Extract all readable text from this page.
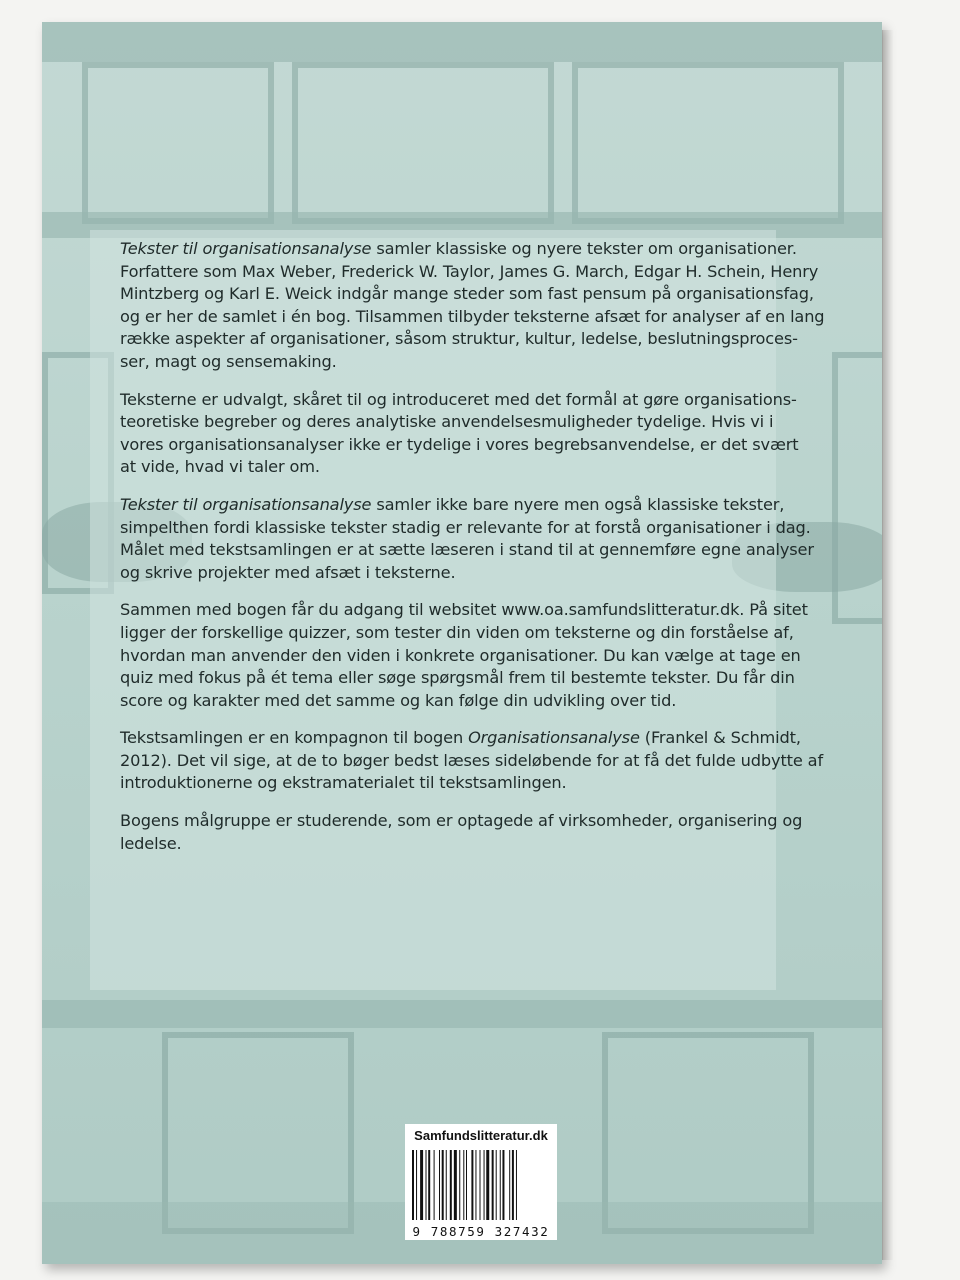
Tekster til organisationsanalyse samler klassiske og nyere tekster om organisationer.
Forfattere som Max Weber, Frederick W. Taylor, James G. March, Edgar H. Schein, Henry
Mintzberg og Karl E. Weick indgår mange steder som fast pensum på organisationsfag,
og er her de samlet i én bog. Tilsammen tilbyder teksterne afsæt for analyser af en lang
række aspekter af organisationer, såsom struktur, kultur, ledelse, beslutningsproces-
ser, magt og sensemaking.

Teksterne er udvalgt, skåret til og introduceret med det formål at gøre organisations-
teoretiske begreber og deres analytiske anvendelsesmuligheder tydelige. Hvis vi i
vores organisationsanalyser ikke er tydelige i vores begrebsanvendelse, er det svært
at vide, hvad vi taler om.

Tekster til organisationsanalyse samler ikke bare nyere men også klassiske tekster,
simpelthen fordi klassiske tekster stadig er relevante for at forstå organisationer i dag.
Målet med tekstsamlingen er at sætte læseren i stand til at gennemføre egne analyser
og skrive projekter med afsæt i teksterne.

Sammen med bogen får du adgang til websitet www.oa.samfundslitteratur.dk. På sitet
ligger der forskellige quizzer, som tester din viden om teksterne og din forståelse af,
hvordan man anvender den viden i konkrete organisationer. Du kan vælge at tage en
quiz med fokus på ét tema eller søge spørgsmål frem til bestemte tekster. Du får din
score og karakter med det samme og kan følge din udvikling over tid.

Tekstsamlingen er en kompagnon til bogen Organisationsanalyse (Frankel & Schmidt,
2012). Det vil sige, at de to bøger bedst læses sideløbende for at få det fulde udbytte af
introduktionerne og ekstramaterialet til tekstsamlingen.

Bogens målgruppe er studerende, som er optagede af virksomheder, organisering og
ledelse.

Samfundslitteratur.dk
9 788759 327432
